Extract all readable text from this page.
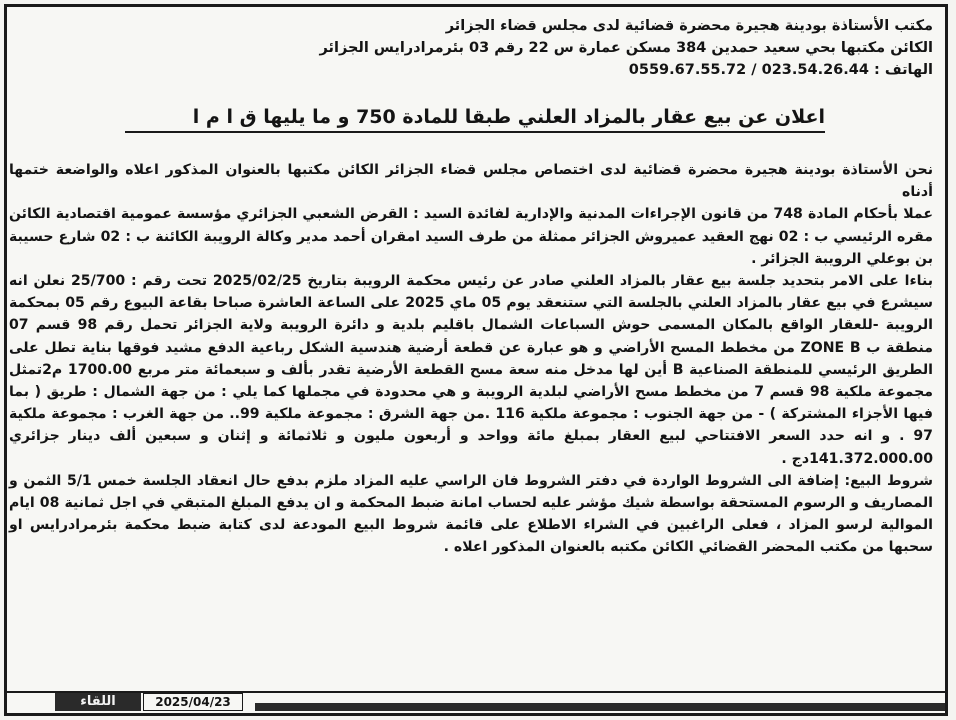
مكتب الأستاذة بودينة هجيرة محضرة قضائية لدى مجلس قضاء الجزائر
الكائن مكتبها بحي سعيد حمدين 384 مسكن عمارة س 22 رقم 03 بئرمرادرايس الجزائر
الهاتف : 023.54.26.44 / 0559.67.55.72
اعلان عن بيع عقار بالمزاد العلني طبقا للمادة 750 و ما يليها ق ا م ا

نحن الأستاذة بودينة هجيرة محضرة قضائية لدى اختصاص مجلس قضاء الجزائر الكائن مكتبها بالعنوان المذكور اعلاه والواضعة ختمها أدناه

عملا بأحكام المادة 748 من قانون الإجراءات المدنية والإدارية لفائدة السيد : القرض الشعبي الجزائري مؤسسة عمومية اقتصادية الكائن مقره الرئيسي ب : 02 نهج العقيد عميروش الجزائر ممثلة من طرف السيد امقران أحمد مدير وكالة الرويبة الكائنة ب : 02 شارع حسيبة بن بوعلي الرويبة الجزائر .

بناءا على الامر بتحديد جلسة بيع عقار بالمزاد العلني صادر عن رئيس محكمة الرويبة بتاريخ 2025/02/25 تحت رقم : 25/700 نعلن انه سيشرع في بيع عقار بالمزاد العلني بالجلسة التي ستنعقد يوم 05 ماي 2025 على الساعة العاشرة صباحا بقاعة البيوع رقم 05 بمحكمة الرويبة -للعقار الواقع بالمكان المسمى حوش السباعات الشمال باقليم بلدية و دائرة الرويبة ولاية الجزائر تحمل رقم 98 قسم 07 منطقة ب ZONE B من مخطط المسح الأراضي و هو عبارة عن قطعة أرضية هندسية الشكل رباعية الدفع مشيد فوقها بناية تطل على الطريق الرئيسي للمنطقة الصناعية B أين لها مدخل منه سعة مسح القطعة الأرضية تقدر بألف و سبعمائة متر مربع 1700.00 م2تمثل مجموعة ملكية 98 قسم 7 من مخطط مسح الأراضي لبلدية الرويبة و هي محدودة في مجملها كما يلي : من جهة الشمال : طريق ( بما فيها الأجزاء المشتركة ) - من جهة الجنوب : مجموعة ملكية 116 .من جهة الشرق : مجموعة ملكية 99.. من جهة الغرب : مجموعة ملكية 97 . و انه حدد السعر الافتتاحي لبيع العقار بمبلغ مائة وواحد و أربعون مليون و ثلاثمائة و إثنان و سبعين ألف دينار جزائري 141.372.000.00دج .

شروط البيع: إضافة الى الشروط الواردة في دفتر الشروط فان الراسي عليه المزاد ملزم بدفع حال انعقاد الجلسة خمس 5/1 الثمن و المصاريف و الرسوم المستحقة بواسطة شيك مؤشر عليه لحساب امانة ضبط المحكمة و ان يدفع المبلغ المتبقي في اجل ثمانية 08 ايام الموالية لرسو المزاد ، فعلى الراغبين في الشراء الاطلاع على قائمة شروط البيع المودعة لدى كتابة ضبط محكمة بئرمرادرايس او سحبها من مكتب المحضر القضائي الكائن مكتبه بالعنوان المذكور اعلاه .

2025/04/23
اللقاء
